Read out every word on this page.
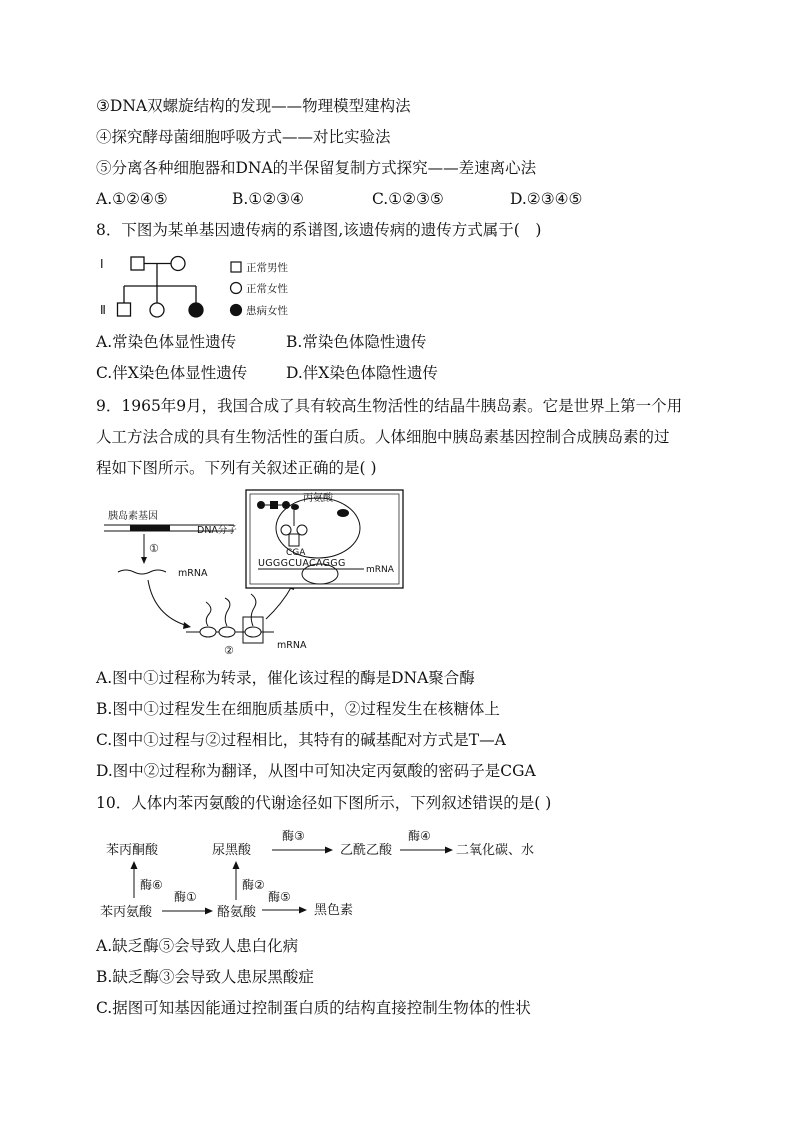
③DNA双螺旋结构的发现——物理模型建构法
④探究酵母菌细胞呼吸方式——对比实验法
⑤分离各种细胞器和DNA的半保留复制方式探究——差速离心法
A.①②④⑤	B.①②③④	C.①②③⑤	D.②③④⑤
8．下图为某单基因遗传病的系谱图,该遗传病的遗传方式属于(　)
I
Ⅱ
正常男性
正常女性
患病女性
A.常染色体显性遗传	B.常染色体隐性遗传
C.伴X染色体显性遗传 D.伴X染色体隐性遗传
9．1965年9月，我国合成了具有较高生物活性的结晶牛胰岛素。它是世界上第一个用
人工方法合成的具有生物活性的蛋白质。人体细胞中胰岛素基因控制合成胰岛素的过
程如下图所示。下列有关叙述正确的是( )
胰岛素基因
DNA分子
①
mRNA
②	mRNA
丙氨酸
CGA
UGGGCUACAGGG
mRNA
A.图中①过程称为转录，催化该过程的酶是DNA聚合酶
B.图中①过程发生在细胞质基质中，②过程发生在核糖体上
C.图中①过程与②过程相比，其特有的碱基配对方式是T—A
D.图中②过程称为翻译，从图中可知决定丙氨酸的密码子是CGA
10．人体内苯丙氨酸的代谢途径如下图所示，下列叙述错误的是( )
苯丙酮酸	尿黑酸
酶③
乙酰乙酸
酶④
二氧化碳、水
酶⑥	酶②
苯丙氨酸
酶①
酪氨酸
酶⑤
黑色素
A.缺乏酶⑤会导致人患白化病
B.缺乏酶③会导致人患尿黑酸症
C.据图可知基因能通过控制蛋白质的结构直接控制生物体的性状
